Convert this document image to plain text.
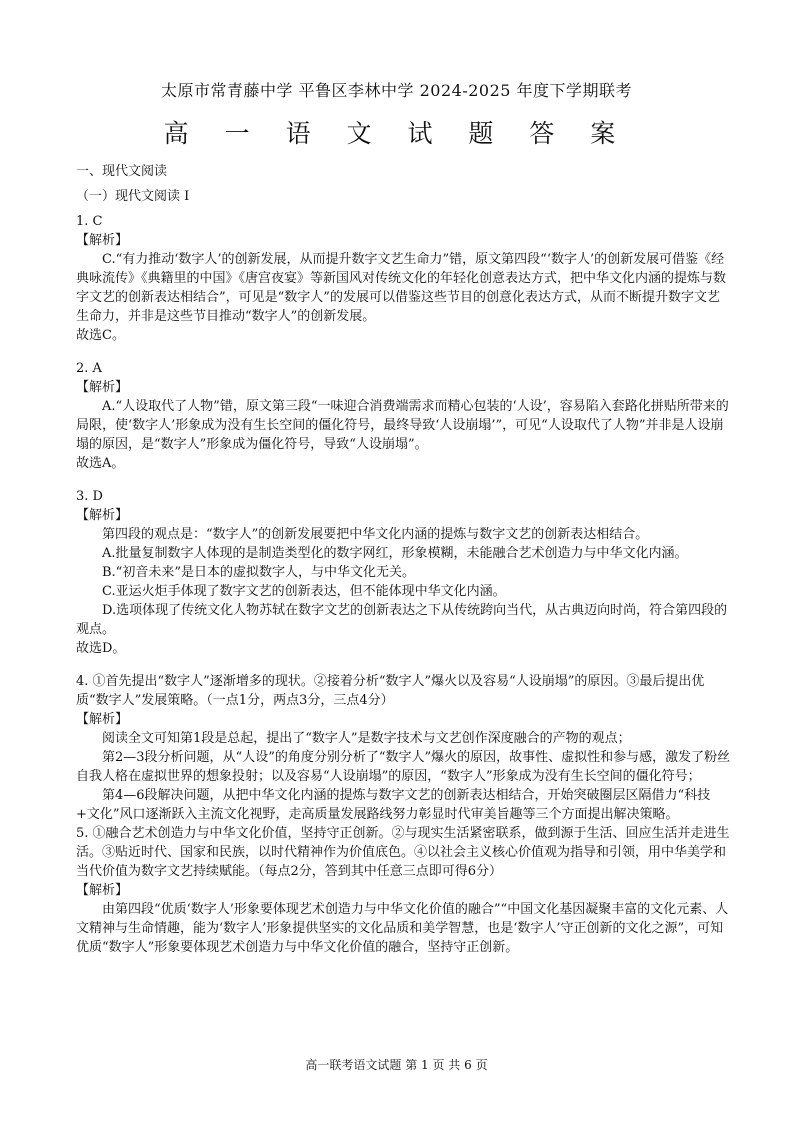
太原市常青藤中学 平鲁区李林中学 2024-2025 年度下学期联考
高 一 语 文 试 题 答 案

一、现代文阅读

（一）现代文阅读 I

1. C

【解析】

C.“有力推动‘数字人’的创新发展，从而提升数字文艺生命力”错，原文第四段“‘数字人’的创新发展可借鉴《经典咏流传》《典籍里的中国》《唐宫夜宴》等新国风对传统文化的年轻化创意表达方式，把中华文化内涵的提炼与数字文艺的创新表达相结合”，可见是“数字人”的发展可以借鉴这些节目的创意化表达方式，从而不断提升数字文艺生命力，并非是这些节目推动“数字人”的创新发展。

故选C。

2. A

【解析】

A.“人设取代了人物”错，原文第三段“一味迎合消费端需求而精心包装的‘人设’，容易陷入套路化拼贴所带来的局限，使‘数字人’形象成为没有生长空间的僵化符号，最终导致‘人设崩塌’”，可见“人设取代了人物”并非是人设崩塌的原因，是“数字人”形象成为僵化符号，导致“人设崩塌”。

故选A。

3. D

【解析】

第四段的观点是：“数字人”的创新发展要把中华文化内涵的提炼与数字文艺的创新表达相结合。

A.批量复制数字人体现的是制造类型化的数字网红，形象模糊，未能融合艺术创造力与中华文化内涵。

B.“初音未来”是日本的虚拟数字人，与中华文化无关。

C.亚运火炬手体现了数字文艺的创新表达，但不能体现中华文化内涵。

D.选项体现了传统文化人物苏轼在数字文艺的创新表达之下从传统跨向当代，从古典迈向时尚，符合第四段的观点。

故选D。

4. ①首先提出“数字人”逐渐增多的现状。②接着分析“数字人”爆火以及容易“人设崩塌”的原因。③最后提出优质“数字人”发展策略。（一点1分，两点3分，三点4分）

【解析】

阅读全文可知第1段是总起，提出了“数字人”是数字技术与文艺创作深度融合的产物的观点；

第2—3段分析问题，从“人设”的角度分别分析了“数字人”爆火的原因，故事性、虚拟性和参与感，激发了粉丝自我人格在虚拟世界的想象投射；以及容易“人设崩塌”的原因，“数字人”形象成为没有生长空间的僵化符号；

第4—6段解决问题，从把中华文化内涵的提炼与数字文艺的创新表达相结合，开始突破圈层区隔借力“科技+文化”风口逐渐跃入主流文化视野，走高质量发展路线努力彰显时代审美旨趣等三个方面提出解决策略。

5. ①融合艺术创造力与中华文化价值，坚持守正创新。②与现实生活紧密联系，做到源于生活、回应生活并走进生活。③贴近时代、国家和民族，以时代精神作为价值底色。④以社会主义核心价值观为指导和引领，用中华美学和当代价值为数字文艺持续赋能。（每点2分，答到其中任意三点即可得6分）

【解析】

由第四段“优质‘数字人’形象要体现艺术创造力与中华文化价值的融合”“中国文化基因凝聚丰富的文化元素、人文精神与生命情趣，能为‘数字人’形象提供坚实的文化品质和美学智慧，也是‘数字人’守正创新的文化之源”，可知优质“数字人”形象要体现艺术创造力与中华文化价值的融合，坚持守正创新。

高一联考语文试题 第 1 页 共 6 页
